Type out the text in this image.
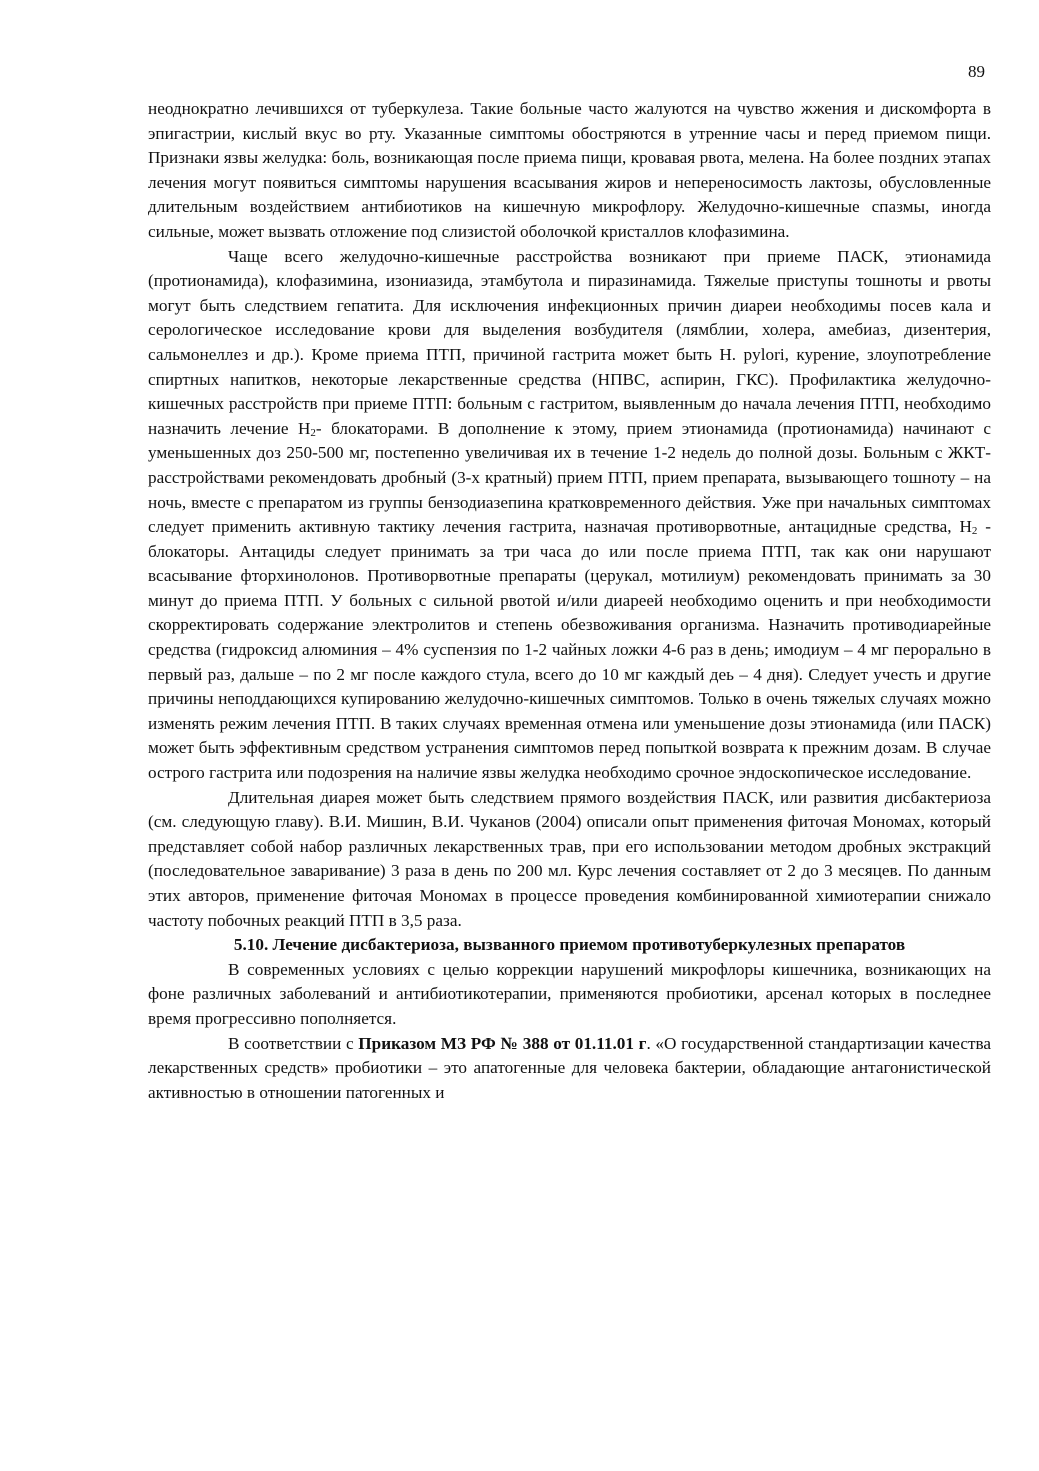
89

неоднократно лечившихся от туберкулеза. Такие больные часто жалуются на чувство жжения и дискомфорта в эпигастрии, кислый вкус во рту. Указанные симптомы обостряются в утренние часы и перед приемом пищи. Признаки язвы желудка: боль, возникающая после приема пищи, кровавая рвота, мелена. На более поздних этапах лечения могут появиться симптомы нарушения всасывания жиров и непереносимость лактозы, обусловленные длительным воздействием антибиотиков на кишечную микрофлору. Желудочно-кишечные спазмы, иногда сильные, может вызвать отложение под слизистой оболочкой кристаллов клофазимина.

Чаще всего желудочно-кишечные расстройства возникают при приеме ПАСК, этионамида (протионамида), клофазимина, изониазида, этамбутола и пиразинамида. Тяжелые приступы тошноты и рвоты могут быть следствием гепатита. Для исключения инфекционных причин диареи необходимы посев кала и серологическое исследование крови для выделения возбудителя (лямблии, холера, амебиаз, дизентерия, сальмонеллез и др.). Кроме приема ПТП, причиной гастрита может быть H. pylori, курение, злоупотребление спиртных напитков, некоторые лекарственные средства (НПВС, аспирин, ГКС). Профилактика желудочно-кишечных расстройств при приеме ПТП: больным с гастритом, выявленным до начала лечения ПТП, необходимо назначить лечение $Н_2-$ блокаторами. В дополнение к этому, прием этионамида (протионамида) начинают с уменьшенных доз 250-500 мг, постепенно увеличивая их в течение 1-2 недель до полной дозы. Больным с ЖКТ-расстройствами рекомендовать дробный (3-х кратный) прием ПТП, прием препарата, вызывающего тошноту – на ночь, вместе с препаратом из группы бензодиазепина кратковременного действия. Уже при начальных симптомах следует применить активную тактику лечения гастрита, назначая противорвотные, антацидные средства, $Н_2$ - блокаторы. Антациды следует принимать за три часа до или после приема ПТП, так как они нарушают всасывание фторхинолонов. Противорвотные препараты (церукал, мотилиум) рекомендовать принимать за 30 минут до приема ПТП. У больных с сильной рвотой и/или диареей необходимо оценить и при необходимости скорректировать содержание электролитов и степень обезвоживания организма. Назначить противодиарейные средства (гидроксид алюминия – 4% суспензия по 1-2 чайных ложки 4-6 раз в день; имодиум – 4 мг перорально в первый раз, дальше – по 2 мг после каждого стула, всего до 10 мг каждый деь – 4 дня). Следует учесть и другие причины неподдающихся купированию желудочно-кишечных симптомов. Только в очень тяжелых случаях можно изменять режим лечения ПТП. В таких случаях временная отмена или уменьшение дозы этионамида (или ПАСК) может быть эффективным средством устранения симптомов перед попыткой возврата к прежним дозам. В случае острого гастрита или подозрения на наличие язвы желудка необходимо срочное эндоскопическое исследование.

Длительная диарея может быть следствием прямого воздействия ПАСК, или развития дисбактериоза (см. следующую главу). В.И. Мишин, В.И. Чуканов (2004) описали опыт применения фиточая Мономах, который представляет собой набор различных лекарственных трав, при его использовании методом дробных экстракций (последовательное заваривание) 3 раза в день по 200 мл. Курс лечения составляет от 2 до 3 месяцев. По данным этих авторов, применение фиточая Мономах в процессе проведения комбинированной химиотерапии снижало частоту побочных реакций ПТП в 3,5 раза.

5.10. Лечение дисбактериоза, вызванного приемом противотуберкулезных препаратов

В современных условиях с целью коррекции нарушений микрофлоры кишечника, возникающих на фоне различных заболеваний и антибиотикотерапии, применяются пробиотики, арсенал которых в последнее время прогрессивно пополняется.

В соответствии с Приказом МЗ РФ № 388 от 01.11.01 г. «О государственной стандартизации качества лекарственных средств» пробиотики – это апатогенные для человека бактерии, обладающие антагонистической активностью в отношении патогенных и
